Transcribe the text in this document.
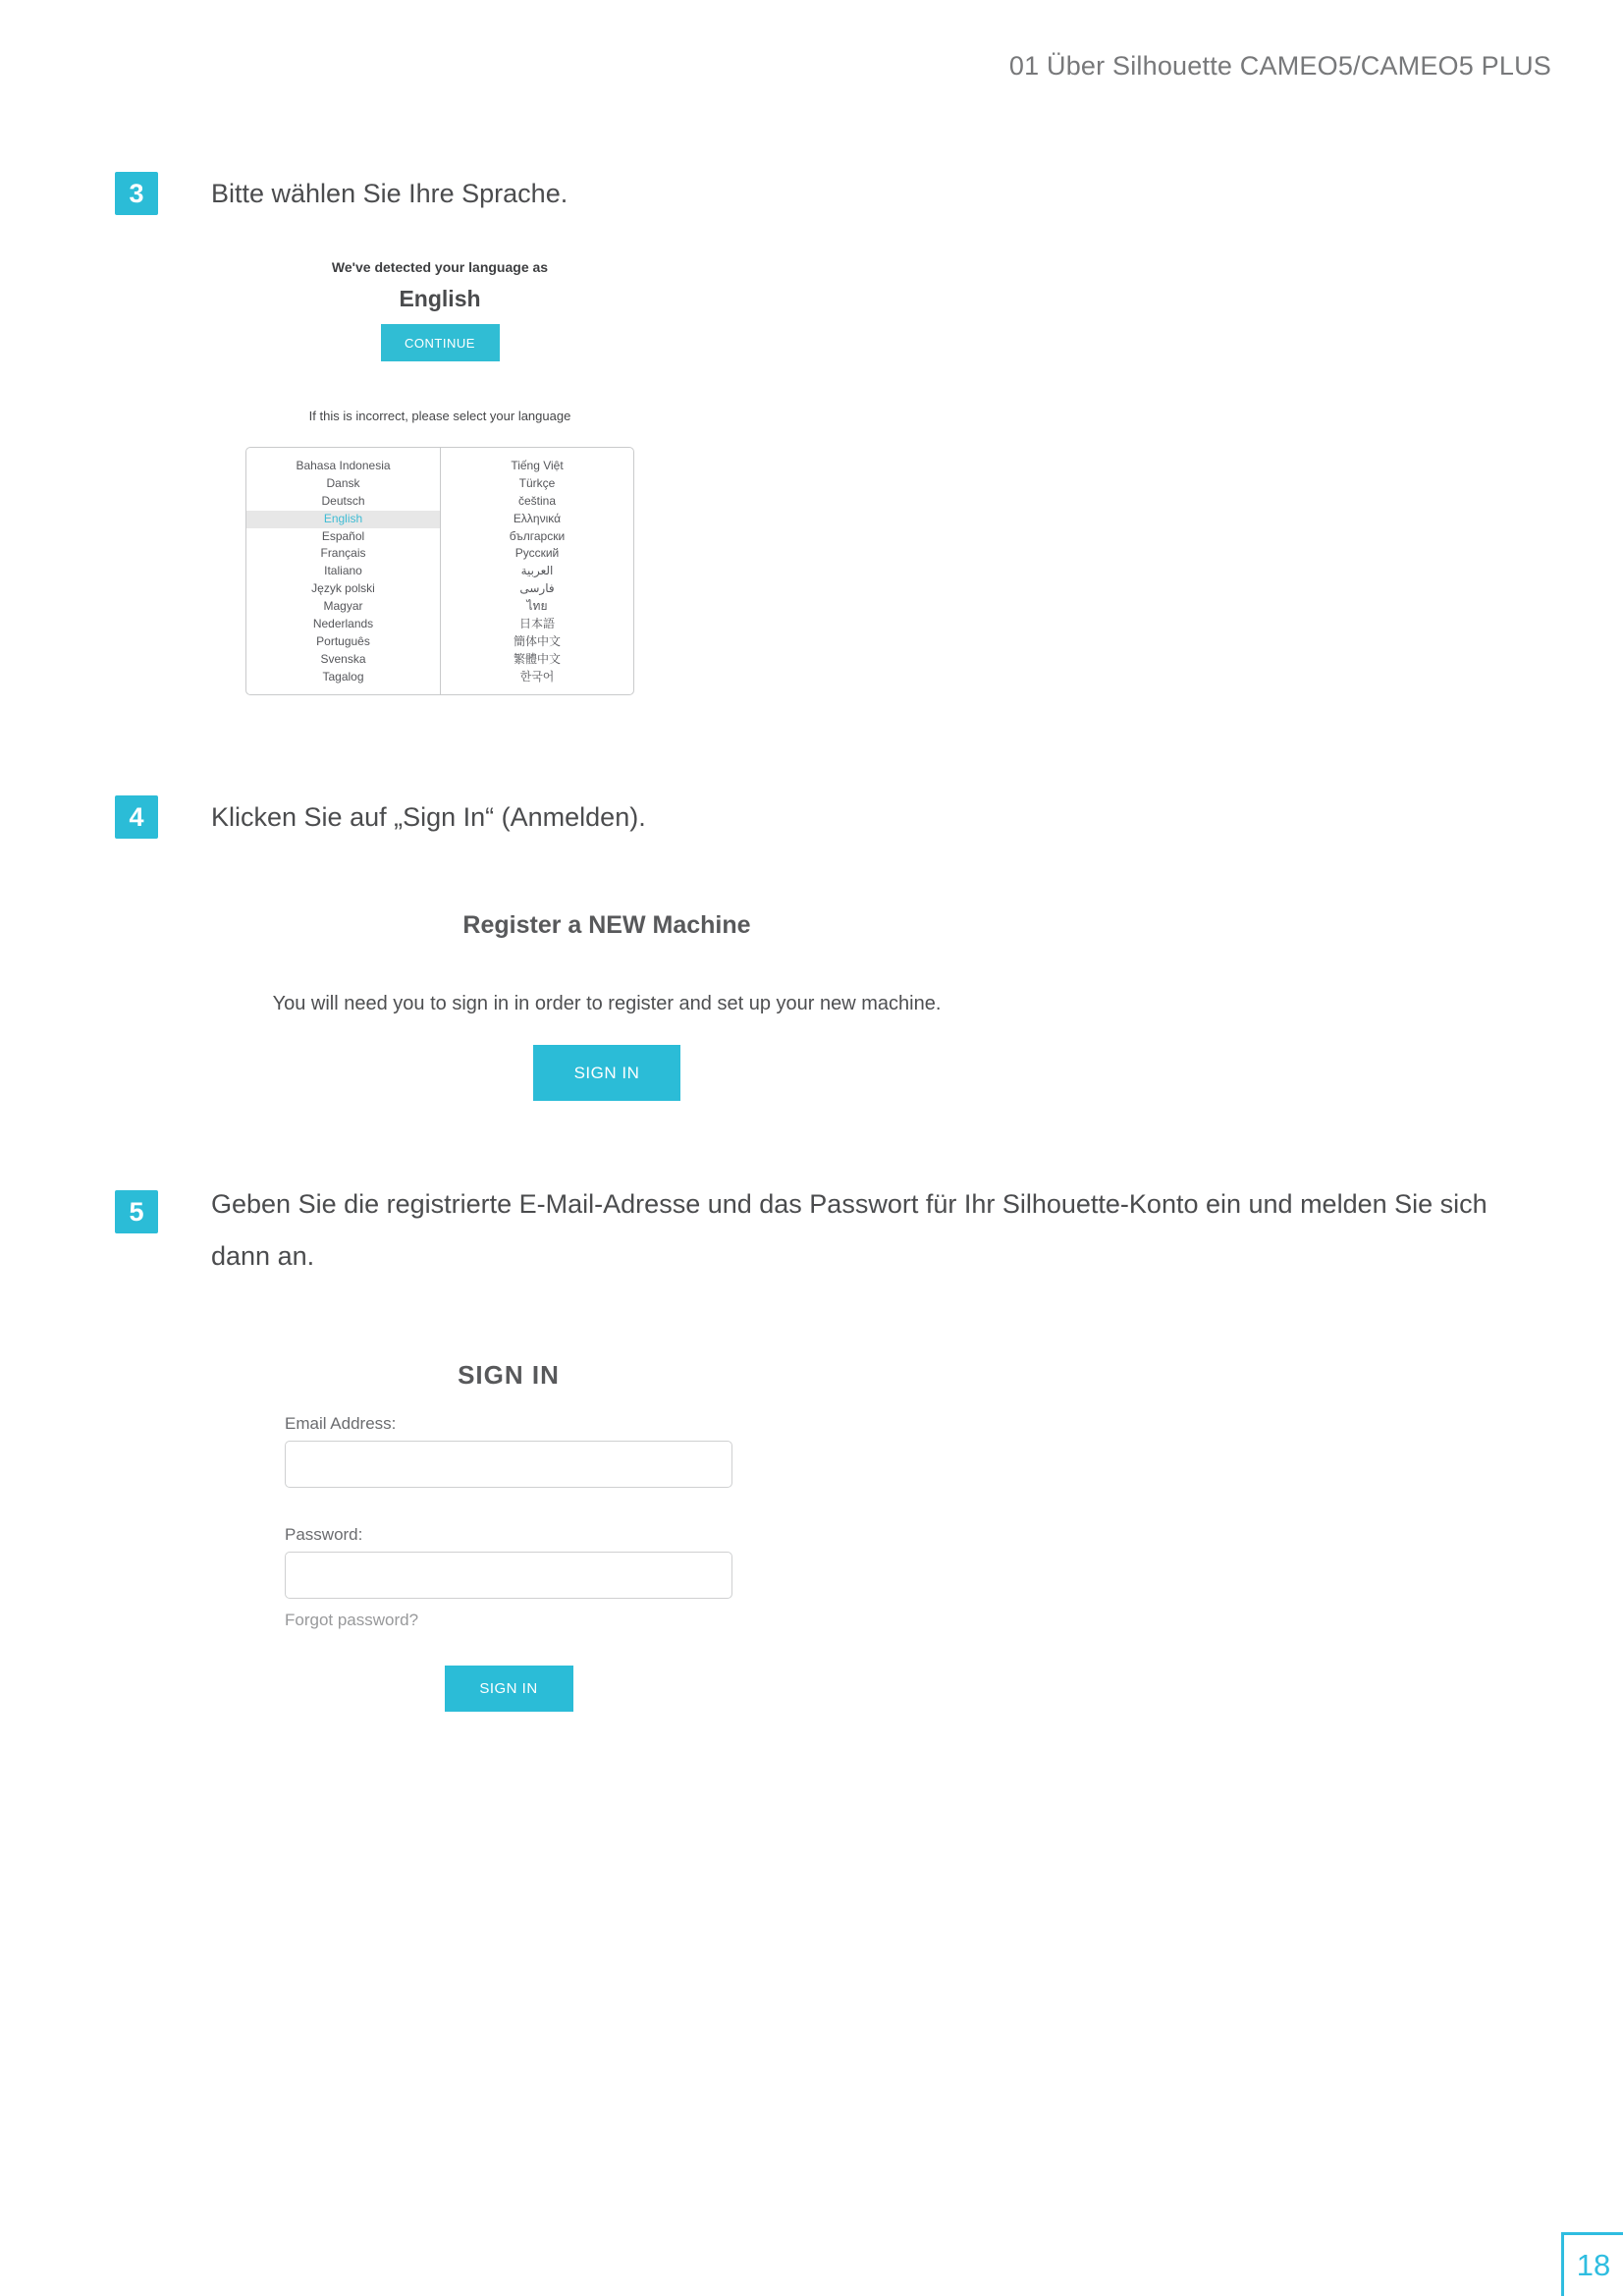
01 Über Silhouette CAMEO5/CAMEO5 PLUS
3	Bitte wählen Sie Ihre Sprache.
We've detected your language as
English
CONTINUE
If this is incorrect, please select your language
Bahasa Indonesia
Dansk
Deutsch
English
Español
Français
Italiano
Język polski
Magyar
Nederlands
Português
Svenska
Tagalog
Tiếng Việt
Türkçe
čeština
Ελληνικά
български
Русский
العربية
فارسی
ไทย
日本語
簡体中文
繁體中文
한국어
4	Klicken Sie auf „Sign In“ (Anmelden).
Register a NEW Machine
You will need you to sign in in order to register and set up your new machine.
SIGN IN
5	Geben Sie die registrierte E-Mail-Adresse und das Passwort für Ihr Silhouette-Konto ein und melden Sie sich dann an.
SIGN IN
Email Address:
Password:
Forgot password?
SIGN IN
18
